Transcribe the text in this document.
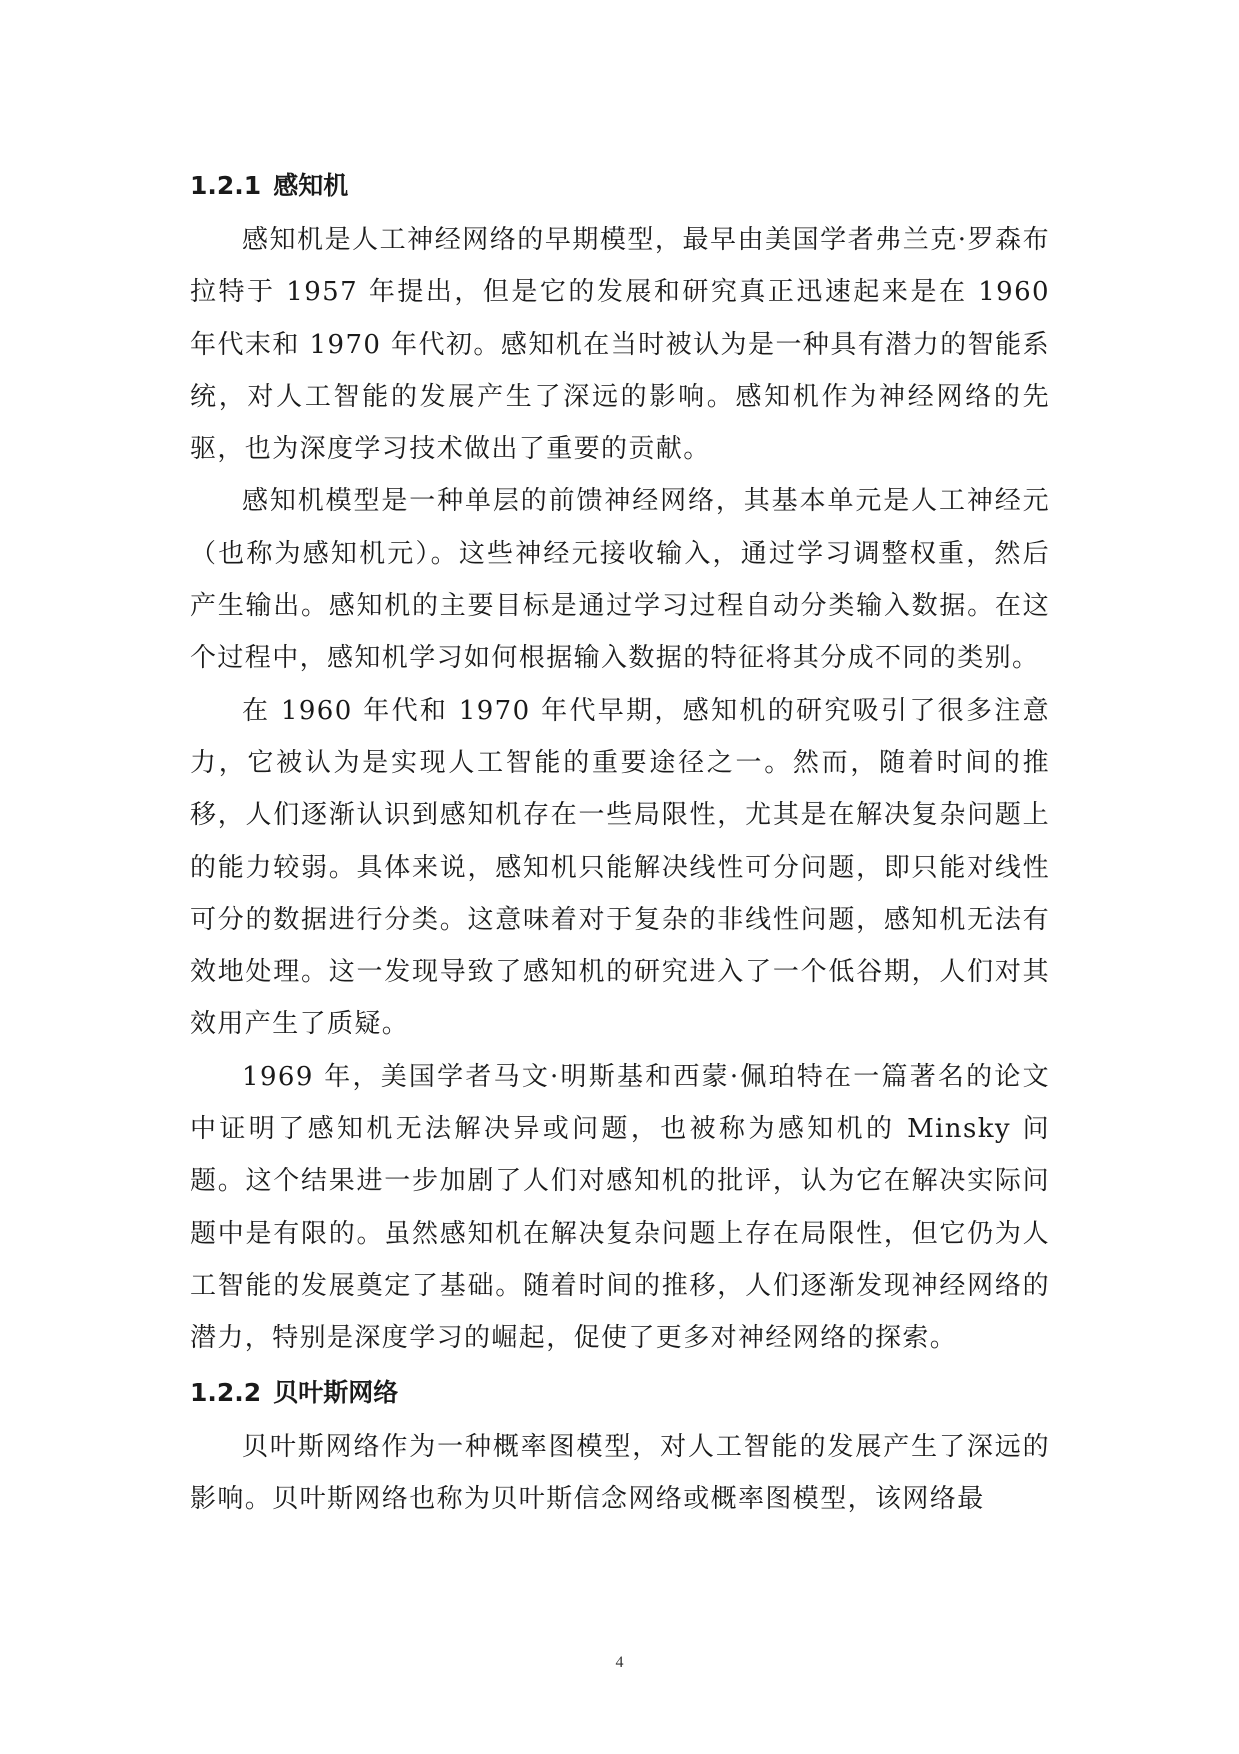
1.2.1 感知机

感知机是人工神经网络的早期模型，最早由美国学者弗兰克·罗森布拉特于 1957 年提出，但是它的发展和研究真正迅速起来是在 1960 年代末和 1970 年代初。感知机在当时被认为是一种具有潜力的智能系统，对人工智能的发展产生了深远的影响。感知机作为神经网络的先驱，也为深度学习技术做出了重要的贡献。

感知机模型是一种单层的前馈神经网络，其基本单元是人工神经元（也称为感知机元）。这些神经元接收输入，通过学习调整权重，然后产生输出。感知机的主要目标是通过学习过程自动分类输入数据。在这个过程中，感知机学习如何根据输入数据的特征将其分成不同的类别。

在 1960 年代和 1970 年代早期，感知机的研究吸引了很多注意力，它被认为是实现人工智能的重要途径之一。然而，随着时间的推移，人们逐渐认识到感知机存在一些局限性，尤其是在解决复杂问题上的能力较弱。具体来说，感知机只能解决线性可分问题，即只能对线性可分的数据进行分类。这意味着对于复杂的非线性问题，感知机无法有效地处理。这一发现导致了感知机的研究进入了一个低谷期，人们对其效用产生了质疑。

1969 年，美国学者马文·明斯基和西蒙·佩珀特在一篇著名的论文中证明了感知机无法解决异或问题，也被称为感知机的 Minsky 问题。这个结果进一步加剧了人们对感知机的批评，认为它在解决实际问题中是有限的。虽然感知机在解决复杂问题上存在局限性，但它仍为人工智能的发展奠定了基础。随着时间的推移，人们逐渐发现神经网络的潜力，特别是深度学习的崛起，促使了更多对神经网络的探索。

1.2.2 贝叶斯网络

贝叶斯网络作为一种概率图模型，对人工智能的发展产生了深远的影响。贝叶斯网络也称为贝叶斯信念网络或概率图模型，该网络最

4
